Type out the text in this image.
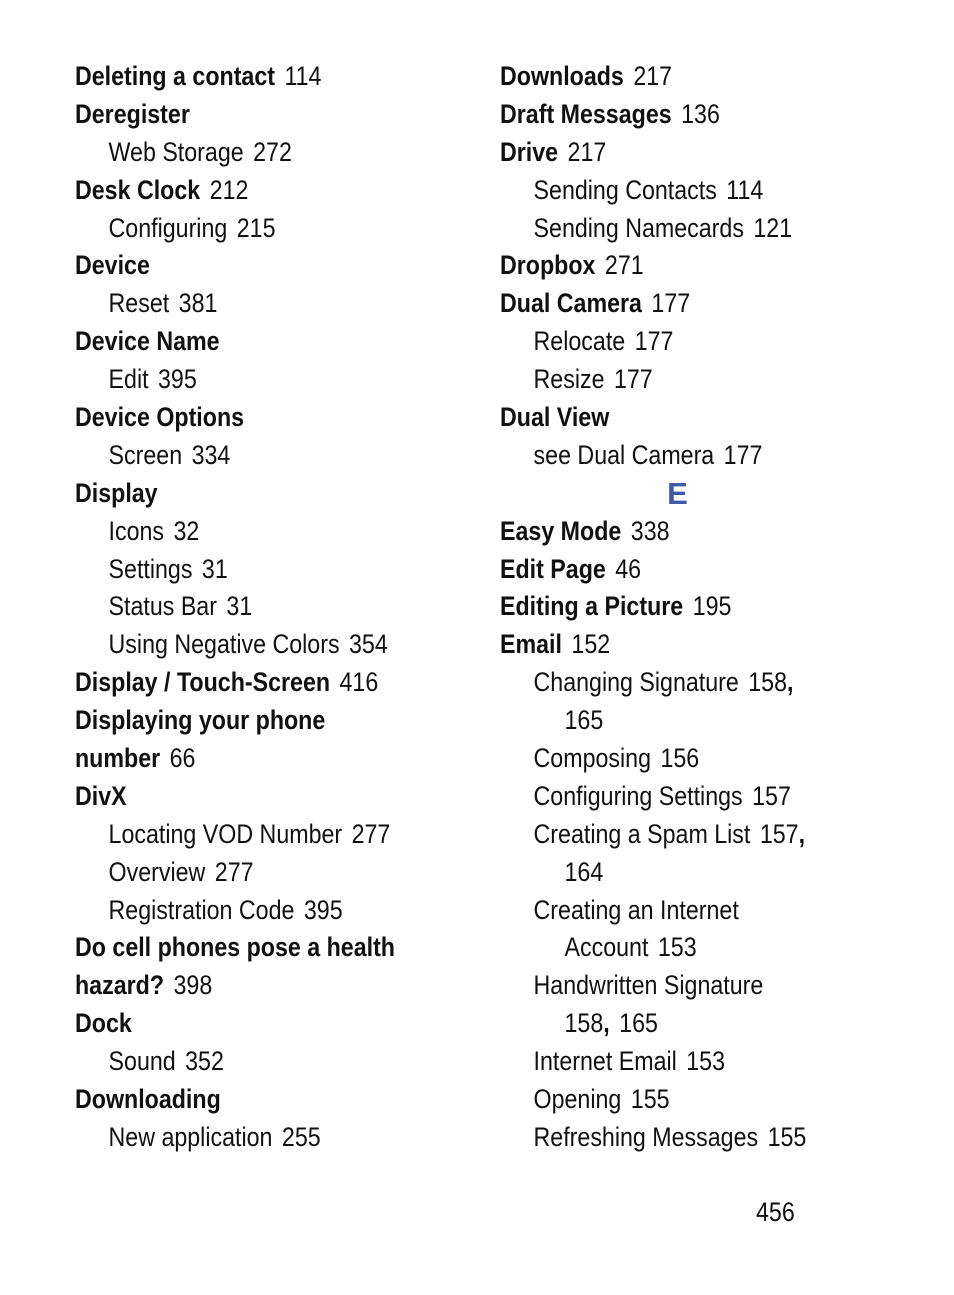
Deleting a contact 114
Deregister
Web Storage 272
Desk Clock 212
Configuring 215
Device
Reset 381
Device Name
Edit 395
Device Options
Screen 334
Display
Icons 32
Settings 31
Status Bar 31
Using Negative Colors 354
Display / Touch-Screen 416
Displaying your phone
number 66
DivX
Locating VOD Number 277
Overview 277
Registration Code 395
Do cell phones pose a health
hazard? 398
Dock
Sound 352
Downloading
New application 255
Downloads 217
Draft Messages 136
Drive 217
Sending Contacts 114
Sending Namecards 121
Dropbox 271
Dual Camera 177
Relocate 177
Resize 177
Dual View
see Dual Camera 177
E
Easy Mode 338
Edit Page 46
Editing a Picture 195
Email 152
Changing Signature 158,
165
Composing 156
Configuring Settings 157
Creating a Spam List 157,
164
Creating an Internet
Account 153
Handwritten Signature
158, 165
Internet Email 153
Opening 155
Refreshing Messages 155
456
